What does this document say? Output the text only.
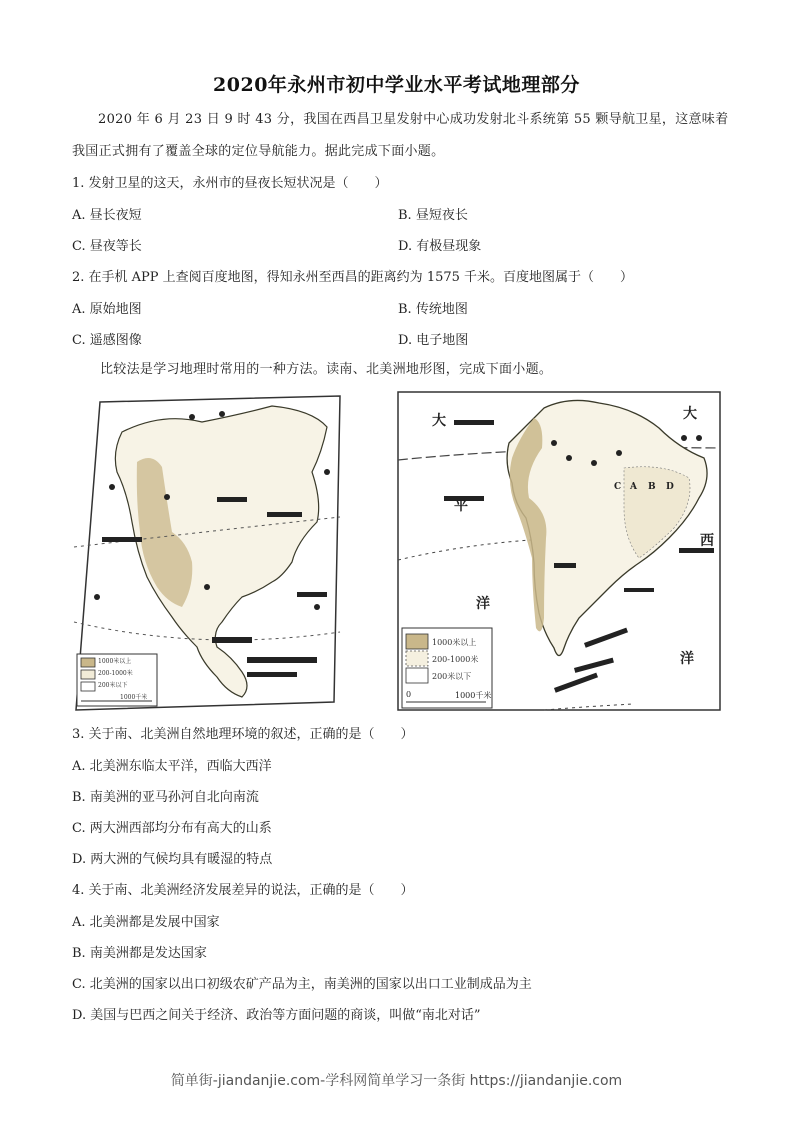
2020年永州市初中学业水平考试地理部分
2020 年 6 月 23 日 9 时 43 分，我国在西昌卫星发射中心成功发射北斗系统第 55 颗导航卫星，这意味着
我国正式拥有了覆盖全球的定位导航能力。据此完成下面小题。
1. 发射卫星的这天，永州市的昼夜长短状况是（　　）
A. 昼长夜短	B. 昼短夜长
C. 昼夜等长	D. 有极昼现象
2. 在手机 APP 上查阅百度地图，得知永州至西昌的距离约为 1575 千米。百度地图属于（　　）
A. 原始地图	B. 传统地图
C. 遥感图像	D. 电子地图
比较法是学习地理时常用的一种方法。读南、北美洲地形图，完成下面小题。
1000米以上
200-1000米
200米以下
1000千米
大	大
平
西
洋
洋
C A B D
1000米以上
200-1000米
200米以下
0	1000千米
3. 关于南、北美洲自然地理环境的叙述，正确的是（　　）
A. 北美洲东临太平洋，西临大西洋
B. 南美洲的亚马孙河自北向南流
C. 两大洲西部均分布有高大的山系
D. 两大洲的气候均具有暖湿的特点
4. 关于南、北美洲经济发展差异的说法，正确的是（　　）
A. 北美洲都是发展中国家
B. 南美洲都是发达国家
C. 北美洲的国家以出口初级农矿产品为主，南美洲的国家以出口工业制成品为主
D. 美国与巴西之间关于经济、政治等方面问题的商谈，叫做“南北对话”
简单街-jiandanjie.com-学科网简单学习一条街 https://jiandanjie.com
